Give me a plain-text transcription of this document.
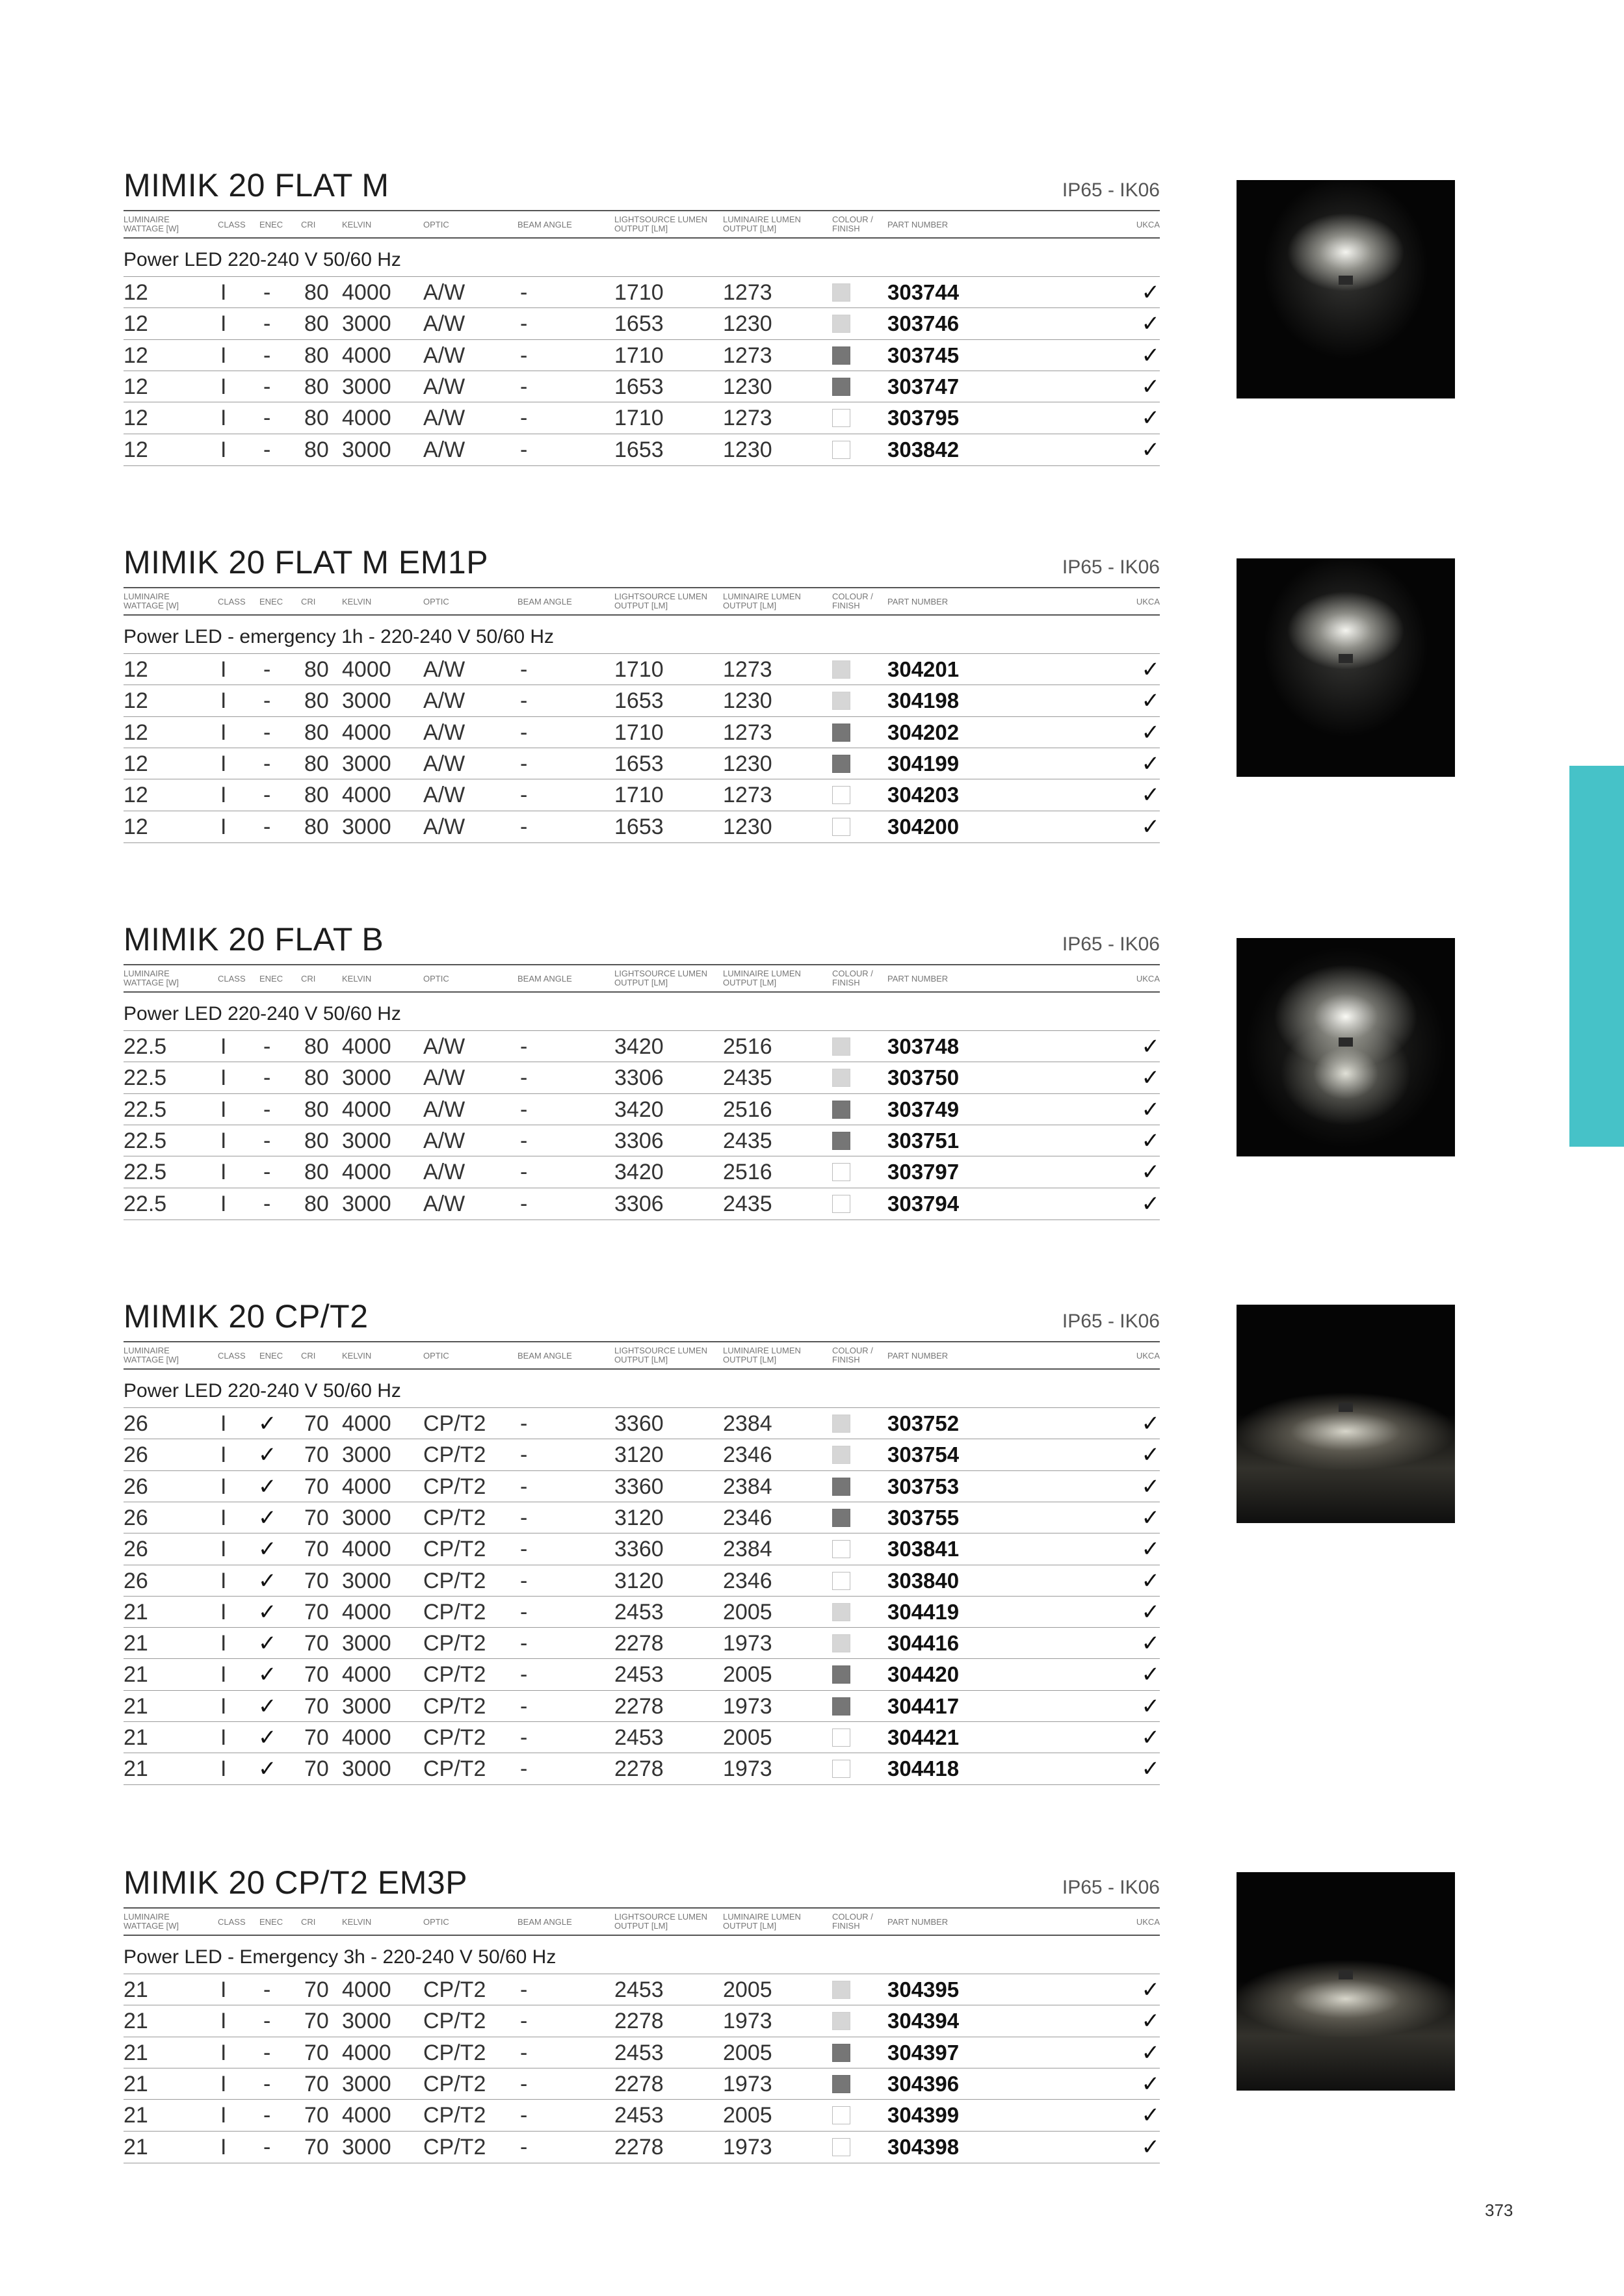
MIMIK 20 FLAT M	IP65 - IK06
LUMINAIRE
WATTAGE [W]	CLASS ENEC CRI	KELVIN	OPTIC	BEAM ANGLE
LIGHTSOURCE LUMEN
OUTPUT [LM]
LUMINAIRE LUMEN
OUTPUT [LM]
COLOUR /
FINISH	PART NUMBER	UKCA
Power LED 220-240 V 50/60 Hz
12	I - 80 4000 A/W -	1710	1273	303744	✓
12	I - 80 3000 A/W -	1653	1230	303746	✓
12	I - 80 4000 A/W -	1710	1273	303745	✓
12	I - 80 3000 A/W -	1653	1230	303747	✓
12	I - 80 4000 A/W -	1710	1273	303795	✓
12	I - 80 3000 A/W -	1653	1230	303842	✓
MIMIK 20 FLAT M EM1P	IP65 - IK06
LUMINAIRE
WATTAGE [W]	CLASS ENEC CRI	KELVIN	OPTIC	BEAM ANGLE
LIGHTSOURCE LUMEN
OUTPUT [LM]
LUMINAIRE LUMEN
OUTPUT [LM]
COLOUR /
FINISH	PART NUMBER	UKCA
Power LED - emergency 1h - 220-240 V 50/60 Hz
12	I - 80 4000 A/W -	1710	1273	304201	✓
12	I - 80 3000 A/W -	1653	1230	304198	✓
12	I - 80 4000 A/W -	1710	1273	304202	✓
12	I - 80 3000 A/W -	1653	1230	304199	✓
12	I - 80 4000 A/W -	1710	1273	304203	✓
12	I - 80 3000 A/W -	1653	1230	304200	✓
MIMIK 20 FLAT B	IP65 - IK06
LUMINAIRE
WATTAGE [W]	CLASS ENEC CRI	KELVIN	OPTIC	BEAM ANGLE
LIGHTSOURCE LUMEN
OUTPUT [LM]
LUMINAIRE LUMEN
OUTPUT [LM]
COLOUR /
FINISH	PART NUMBER	UKCA
Power LED 220-240 V 50/60 Hz
22.5 I - 80 4000 A/W -	3420	2516	303748	✓
22.5 I - 80 3000 A/W -	3306	2435	303750	✓
22.5 I - 80 4000 A/W -	3420	2516	303749	✓
22.5 I - 80 3000 A/W -	3306	2435	303751	✓
22.5 I - 80 4000 A/W -	3420	2516	303797	✓
22.5 I - 80 3000 A/W -	3306	2435	303794	✓
MIMIK 20 CP/T2	IP65 - IK06
LUMINAIRE
WATTAGE [W]	CLASS ENEC CRI	KELVIN	OPTIC	BEAM ANGLE
LIGHTSOURCE LUMEN
OUTPUT [LM]
LUMINAIRE LUMEN
OUTPUT [LM]
COLOUR /
FINISH	PART NUMBER	UKCA
Power LED 220-240 V 50/60 Hz
26	I ✓ 70 4000 CP/T2 -	3360	2384	303752	✓
26	I ✓ 70 3000 CP/T2 -	3120	2346	303754	✓
26	I ✓ 70 4000 CP/T2 -	3360	2384	303753	✓
26	I ✓ 70 3000 CP/T2 -	3120	2346	303755	✓
26	I ✓ 70 4000 CP/T2 -	3360	2384	303841	✓
26	I ✓ 70 3000 CP/T2 -	3120	2346	303840	✓
21	I ✓ 70 4000 CP/T2 -	2453	2005	304419	✓
21	I ✓ 70 3000 CP/T2 -	2278	1973	304416	✓
21	I ✓ 70 4000 CP/T2 -	2453	2005	304420	✓
21	I ✓ 70 3000 CP/T2 -	2278	1973	304417	✓
21	I ✓ 70 4000 CP/T2 -	2453	2005	304421	✓
21	I ✓ 70 3000 CP/T2 -	2278	1973	304418	✓
MIMIK 20 CP/T2 EM3P	IP65 - IK06
LUMINAIRE
WATTAGE [W]	CLASS ENEC CRI	KELVIN	OPTIC	BEAM ANGLE
LIGHTSOURCE LUMEN
OUTPUT [LM]
LUMINAIRE LUMEN
OUTPUT [LM]
COLOUR /
FINISH	PART NUMBER	UKCA
Power LED - Emergency 3h - 220-240 V 50/60 Hz
21	I - 70 4000 CP/T2 -	2453	2005	304395	✓
21	I - 70 3000 CP/T2 -	2278	1973	304394	✓
21	I - 70 4000 CP/T2 -	2453	2005	304397	✓
21	I - 70 3000 CP/T2 -	2278	1973	304396	✓
21	I - 70 4000 CP/T2 -	2453	2005	304399	✓
21	I - 70 3000 CP/T2 -	2278	1973	304398	✓
373
